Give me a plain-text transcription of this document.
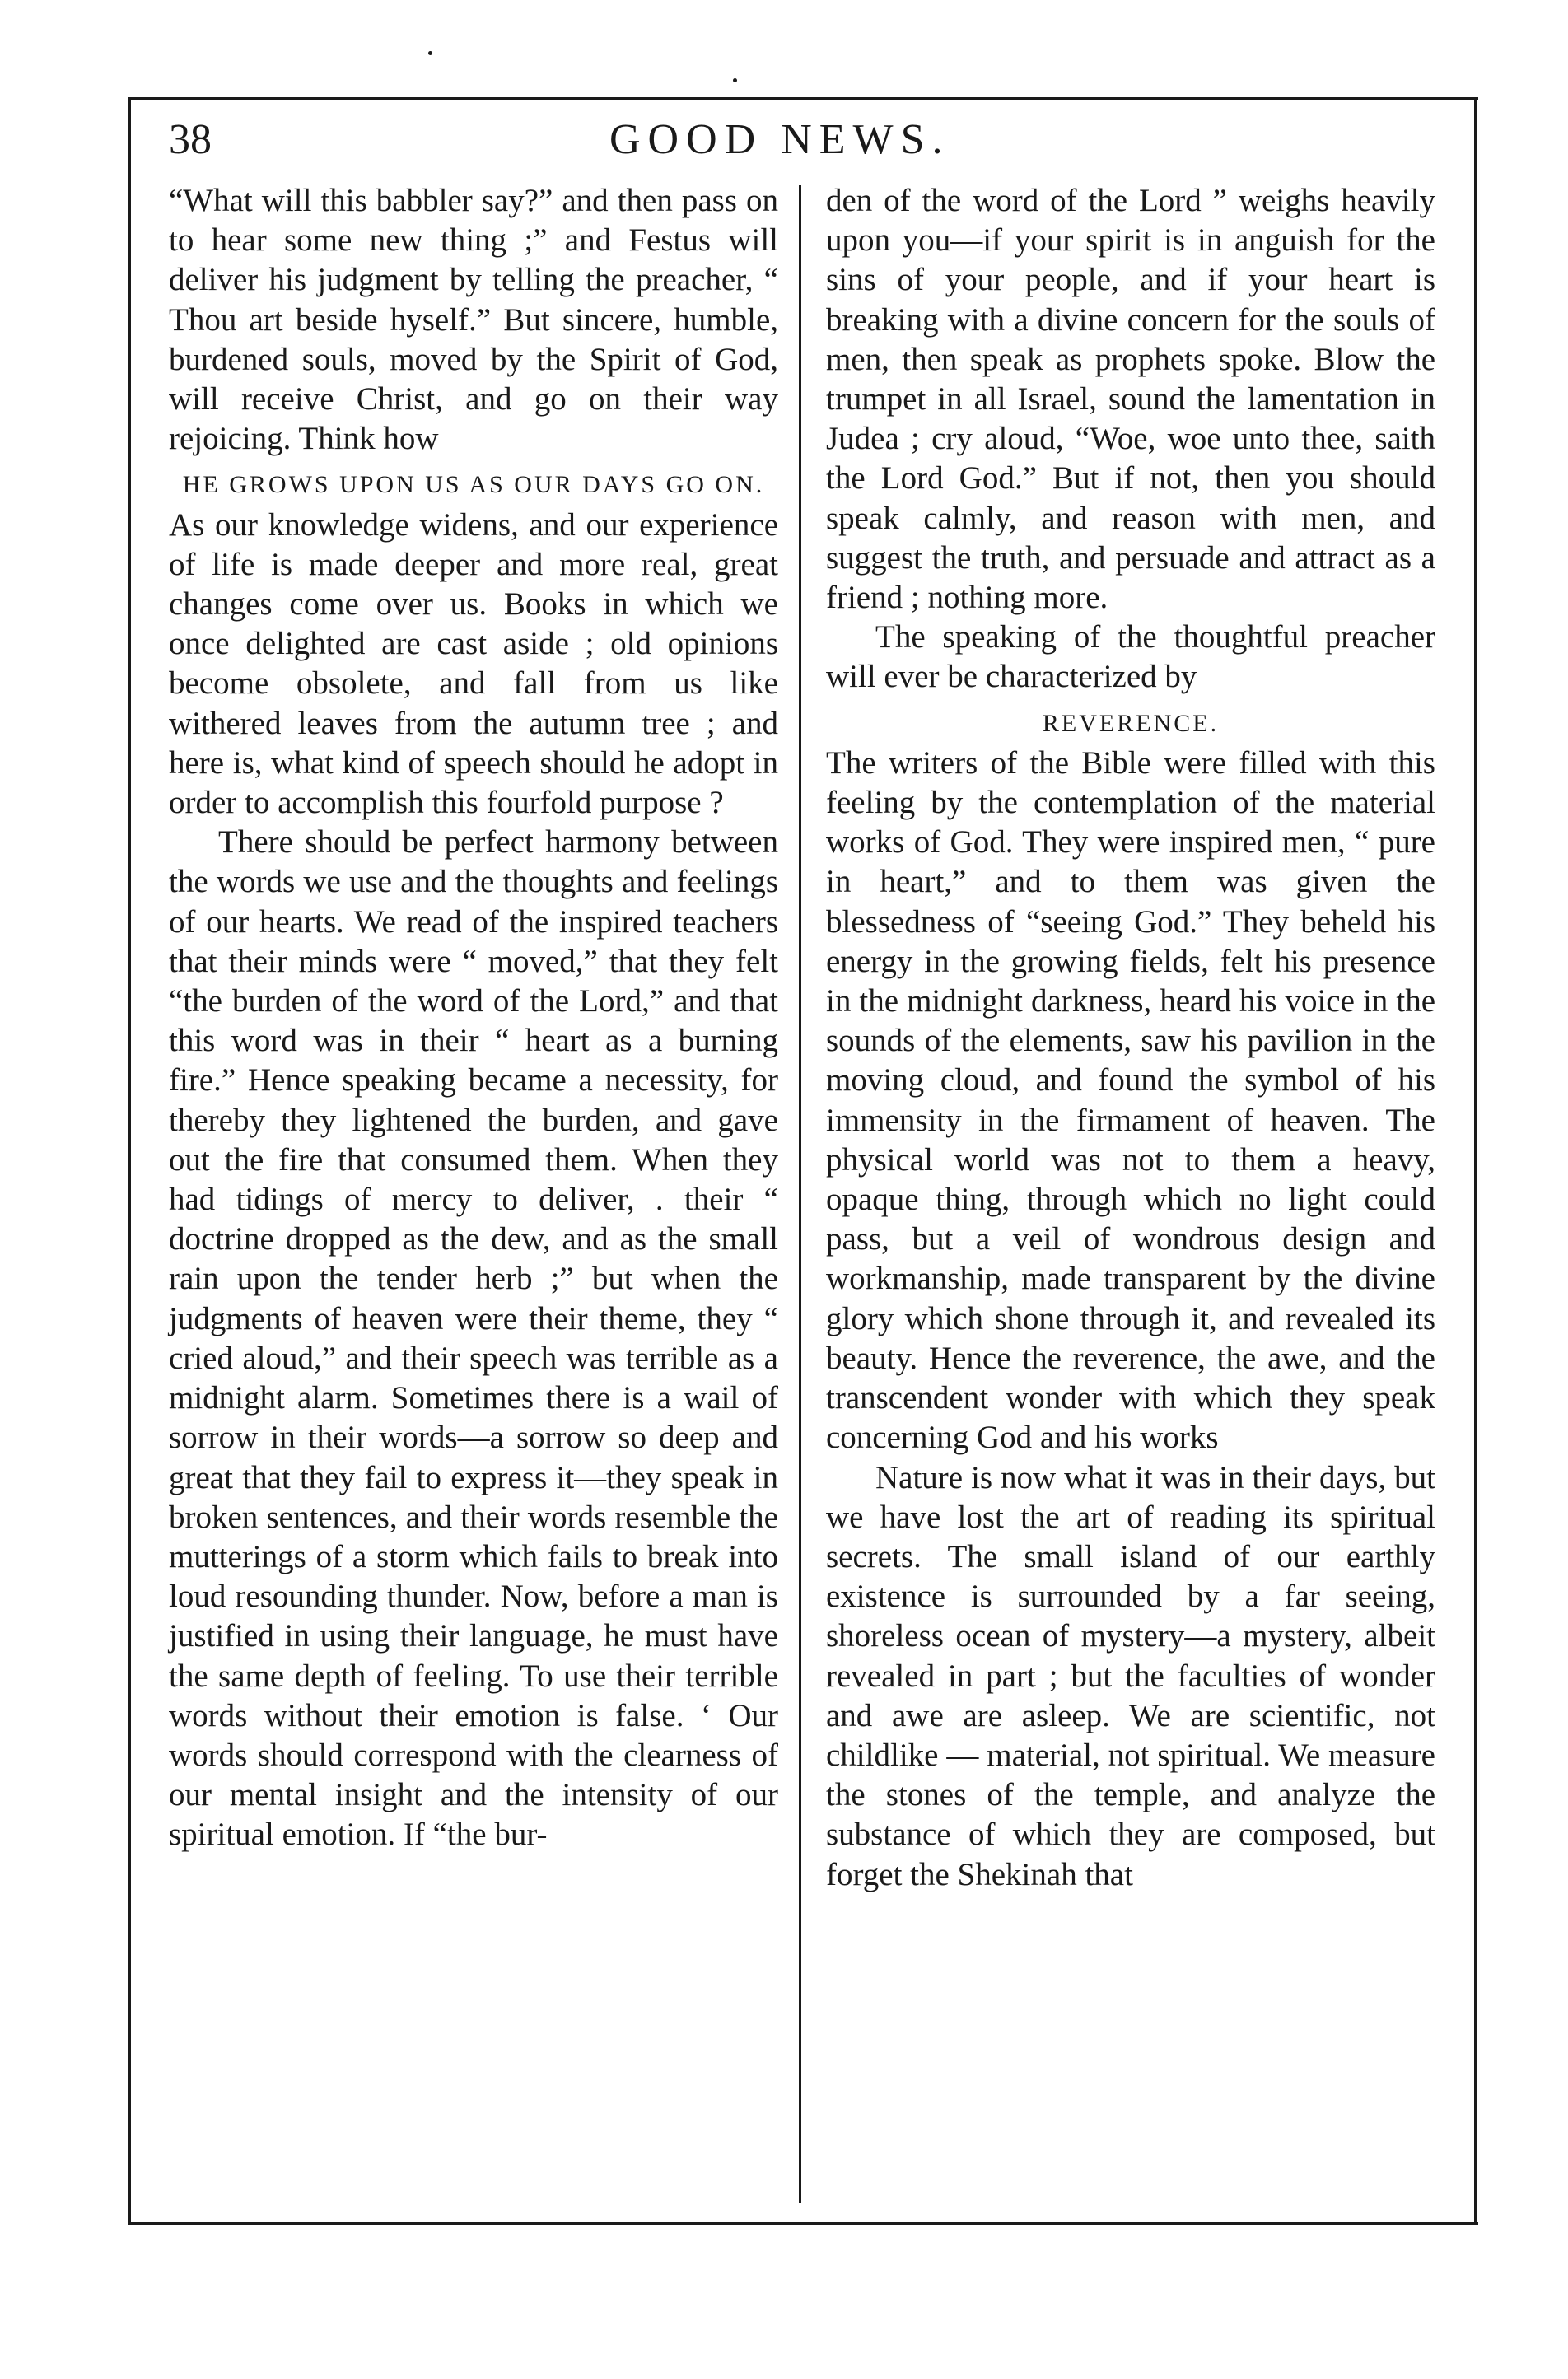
38	GOOD NEWS.

“What will this babbler say?” and then pass on to hear some new thing ;” and Festus will deliver his judgment by telling the preacher, “ Thou art beside hyself.” But sincere, humble, burdened souls, moved by the Spirit of God, will receive Christ, and go on their way rejoicing. Think how

HE GROWS UPON US AS OUR DAYS GO ON.

As our knowledge widens, and our experience of life is made deeper and more real, great changes come over us. Books in which we once delighted are cast aside ; old opinions become obsolete, and fall from us like withered leaves from the autumn tree ; and here is, what kind of speech should he adopt in order to accomplish this fourfold purpose ?

There should be perfect harmony between the words we use and the thoughts and feelings of our hearts. We read of the inspired teachers that their minds were “ moved,” that they felt “the burden of the word of the Lord,” and that this word was in their “ heart as a burning fire.” Hence speaking became a necessity, for thereby they lightened the burden, and gave out the fire that consumed them. When they had tidings of mercy to deliver, . their “ doctrine dropped as the dew, and as the small rain upon the tender herb ;” but when the judgments of heaven were their theme, they “ cried aloud,” and their speech was terrible as a midnight alarm. Sometimes there is a wail of sorrow in their words—a sorrow so deep and great that they fail to express it—they speak in broken sentences, and their words resemble the mutterings of a storm which fails to break into loud resounding thunder. Now, before a man is justified in using their language, he must have the same depth of feeling. To use their terrible words without their emotion is false. ‘ Our words should correspond with the clearness of our mental insight and the intensity of our spiritual emotion. If “the bur-

den of the word of the Lord ” weighs heavily upon you—if your spirit is in anguish for the sins of your people, and if your heart is breaking with a divine concern for the souls of men, then speak as prophets spoke. Blow the trumpet in all Israel, sound the lamentation in Judea ; cry aloud, “Woe, woe unto thee, saith the Lord God.” But if not, then you should speak calmly, and reason with men, and suggest the truth, and persuade and attract as a friend ; nothing more.

The speaking of the thoughtful preacher will ever be characterized by

REVERENCE.

The writers of the Bible were filled with this feeling by the contemplation of the material works of God. They were inspired men, “ pure in heart,” and to them was given the blessedness of “seeing God.” They beheld his energy in the growing fields, felt his presence in the midnight darkness, heard his voice in the sounds of the elements, saw his pavilion in the moving cloud, and found the symbol of his immensity in the firmament of heaven. The physical world was not to them a heavy, opaque thing, through which no light could pass, but a veil of wondrous design and workmanship, made transparent by the divine glory which shone through it, and revealed its beauty. Hence the reverence, the awe, and the transcendent wonder with which they speak concerning God and his works

Nature is now what it was in their days, but we have lost the art of reading its spiritual secrets. The small island of our earthly existence is surrounded by a far seeing, shoreless ocean of mystery—a mystery, albeit revealed in part ; but the faculties of wonder and awe are asleep. We are scientific, not childlike — material, not spiritual. We measure the stones of the temple, and analyze the substance of which they are composed, but forget the Shekinah that
